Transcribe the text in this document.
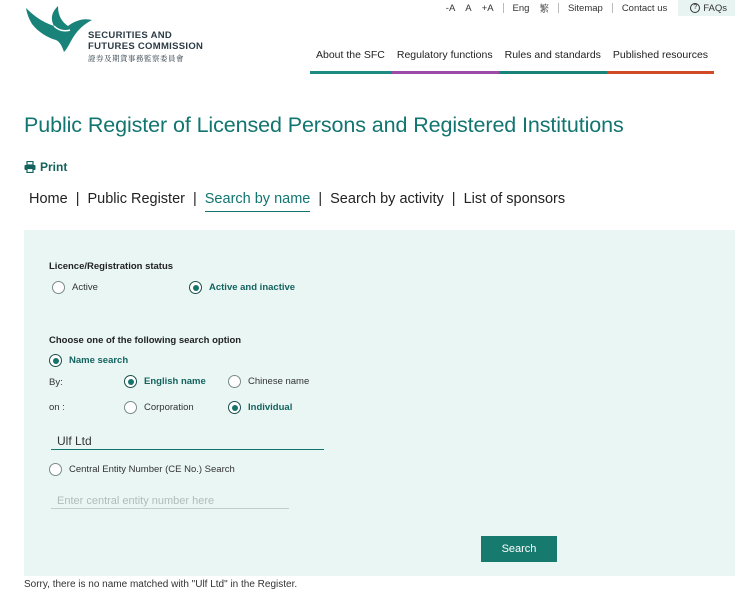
SECURITIES AND
FUTURES COMMISSION
證券及期貨事務監察委員會
-A	A	+A	Eng	繁	Sitemap	Contact us	? FAQs
About the SFC	Regulatory functions	Rules and standards	Published resources
Public Register of Licensed Persons and Registered Institutions
Print
Home | Public Register | Search by name | Search by activity | List of sponsors
Licence/Registration status
Active	Active and inactive
Choose one of the following search option
Name search
By:	English name	Chinese name
on :	Corporation	Individual
Ulf Ltd
Central Entity Number (CE No.) Search
Enter central entity number here
Search
Sorry, there is no name matched with "Ulf Ltd" in the Register.
